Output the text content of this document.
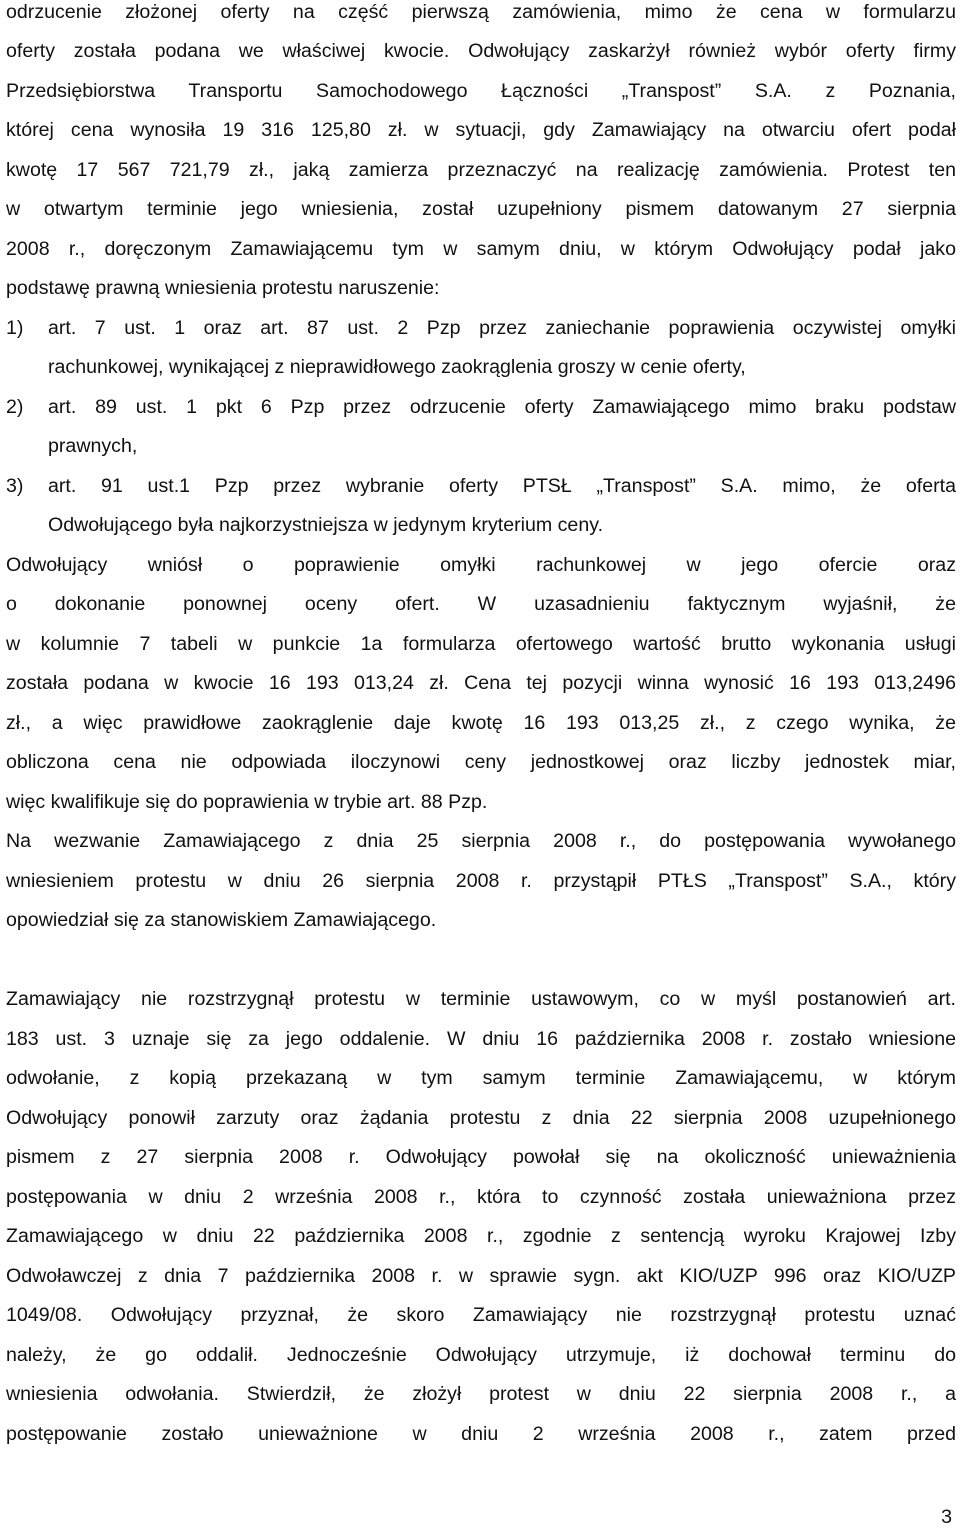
odrzucenie złożonej oferty na część pierwszą zamówienia, mimo że cena w formularzu
oferty została podana we właściwej kwocie. Odwołujący zaskarżył również wybór oferty firmy
Przedsiębiorstwa Transportu Samochodowego Łączności „Transpost” S.A. z Poznania,
której cena wynosiła 19 316 125,80 zł. w sytuacji, gdy Zamawiający na otwarciu ofert podał
kwotę 17 567 721,79 zł., jaką zamierza przeznaczyć na realizację zamówienia. Protest ten
w otwartym terminie jego wniesienia, został uzupełniony pismem datowanym 27 sierpnia
2008 r., doręczonym Zamawiającemu tym w samym dniu, w którym Odwołujący podał jako
podstawę prawną wniesienia protestu naruszenie:
1) art. 7 ust. 1 oraz art. 87 ust. 2 Pzp przez zaniechanie poprawienia oczywistej omyłki
rachunkowej, wynikającej z nieprawidłowego zaokrąglenia groszy w cenie oferty,
2) art. 89 ust. 1 pkt 6 Pzp przez odrzucenie oferty Zamawiającego mimo braku podstaw
prawnych,
3) art. 91 ust.1 Pzp przez wybranie oferty PTSŁ „Transpost” S.A. mimo, że oferta
Odwołującego była najkorzystniejsza w jedynym kryterium ceny.
Odwołujący wniósł o poprawienie omyłki rachunkowej w jego ofercie oraz
o dokonanie ponownej oceny ofert. W uzasadnieniu faktycznym wyjaśnił, że
w kolumnie 7 tabeli w punkcie 1a formularza ofertowego wartość brutto wykonania usługi
została podana w kwocie 16 193 013,24 zł. Cena tej pozycji winna wynosić 16 193 013,2496
zł., a więc prawidłowe zaokrąglenie daje kwotę 16 193 013,25 zł., z czego wynika, że
obliczona cena nie odpowiada iloczynowi ceny jednostkowej oraz liczby jednostek miar,
więc kwalifikuje się do poprawienia w trybie art. 88 Pzp.
Na wezwanie Zamawiającego z dnia 25 sierpnia 2008 r., do postępowania wywołanego
wniesieniem protestu w dniu 26 sierpnia 2008 r. przystąpił PTŁS „Transpost” S.A., który
opowiedział się za stanowiskiem Zamawiającego.
Zamawiający nie rozstrzygnął protestu w terminie ustawowym, co w myśl postanowień art.
183 ust. 3 uznaje się za jego oddalenie. W dniu 16 października 2008 r. zostało wniesione
odwołanie, z kopią przekazaną w tym samym terminie Zamawiającemu, w którym
Odwołujący ponowił zarzuty oraz żądania protestu z dnia 22 sierpnia 2008 uzupełnionego
pismem z 27 sierpnia 2008 r. Odwołujący powołał się na okoliczność unieważnienia
postępowania w dniu 2 września 2008 r., która to czynność została unieważniona przez
Zamawiającego w dniu 22 października 2008 r., zgodnie z sentencją wyroku Krajowej Izby
Odwoławczej z dnia 7 października 2008 r. w sprawie sygn. akt KIO/UZP 996 oraz KIO/UZP
1049/08. Odwołujący przyznał, że skoro Zamawiający nie rozstrzygnął protestu uznać
należy, że go oddalił. Jednocześnie Odwołujący utrzymuje, iż dochował terminu do
wniesienia odwołania. Stwierdził, że złożył protest w dniu 22 sierpnia 2008 r., a
postępowanie zostało unieważnione w dniu 2 września 2008 r., zatem przed
3
